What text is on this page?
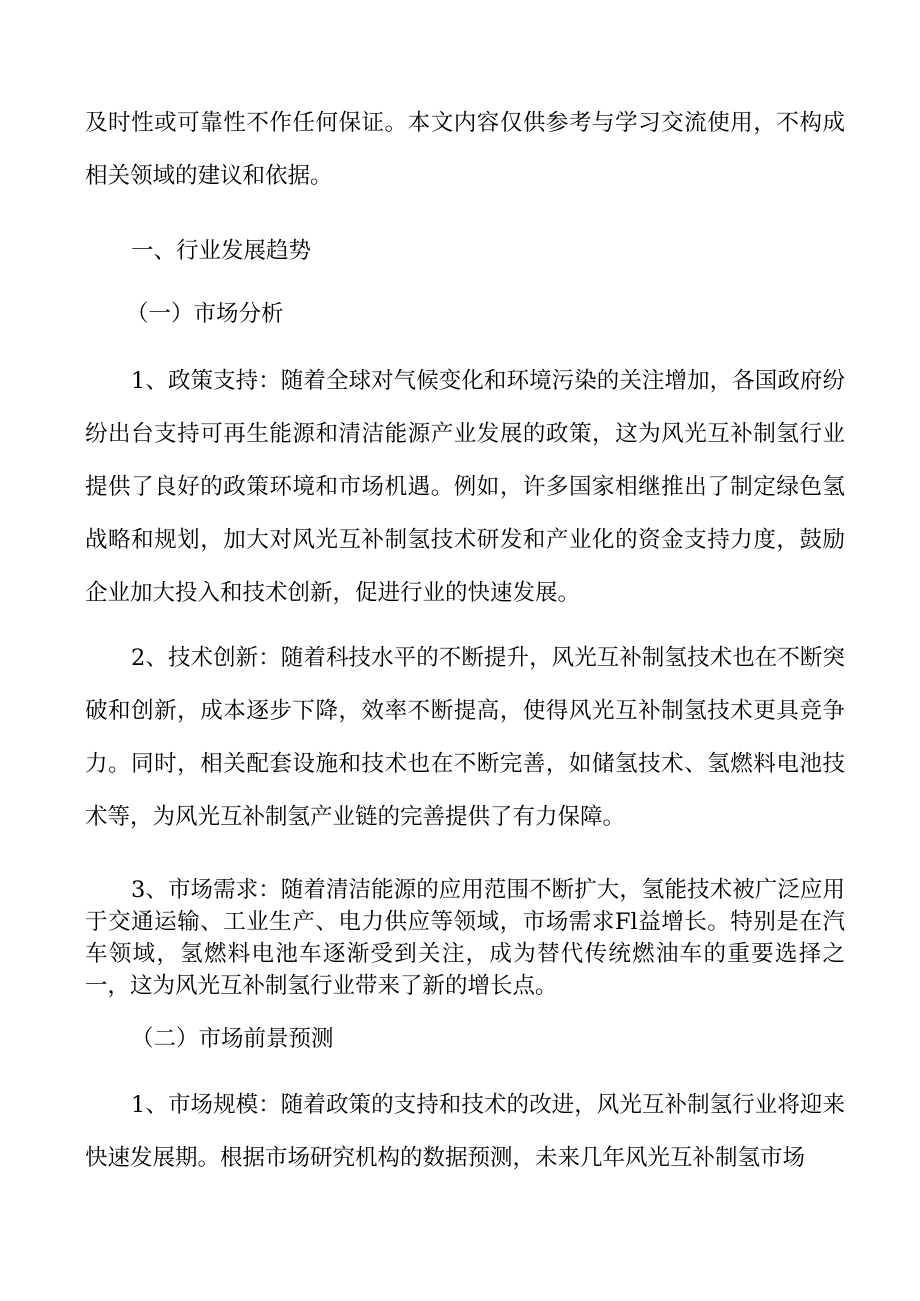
及时性或可靠性不作任何保证。本文内容仅供参考与学习交流使用，不构成相关领域的建议和依据。

一、行业发展趋势
（一）市场分析

1、政策支持：随着全球对气候变化和环境污染的关注增加，各国政府纷纷出台支持可再生能源和清洁能源产业发展的政策，这为风光互补制氢行业提供了良好的政策环境和市场机遇。例如，许多国家相继推出了制定绿色氢战略和规划，加大对风光互补制氢技术研发和产业化的资金支持力度，鼓励企业加大投入和技术创新，促进行业的快速发展。

2、技术创新：随着科技水平的不断提升，风光互补制氢技术也在不断突破和创新，成本逐步下降，效率不断提高，使得风光互补制氢技术更具竞争力。同时，相关配套设施和技术也在不断完善，如储氢技术、氢燃料电池技术等，为风光互补制氢产业链的完善提供了有力保障。

3、市场需求：随着清洁能源的应用范围不断扩大，氢能技术被广泛应用于交通运输、工业生产、电力供应等领域，市场需求Fl益增长。特别是在汽车领域，氢燃料电池车逐渐受到关注，成为替代传统燃油车的重要选择之一，这为风光互补制氢行业带来了新的增长点。

（二）市场前景预测

1、市场规模：随着政策的支持和技术的改进，风光互补制氢行业将迎来快速发展期。根据市场研究机构的数据预测，未来几年风光互补制氢市场
